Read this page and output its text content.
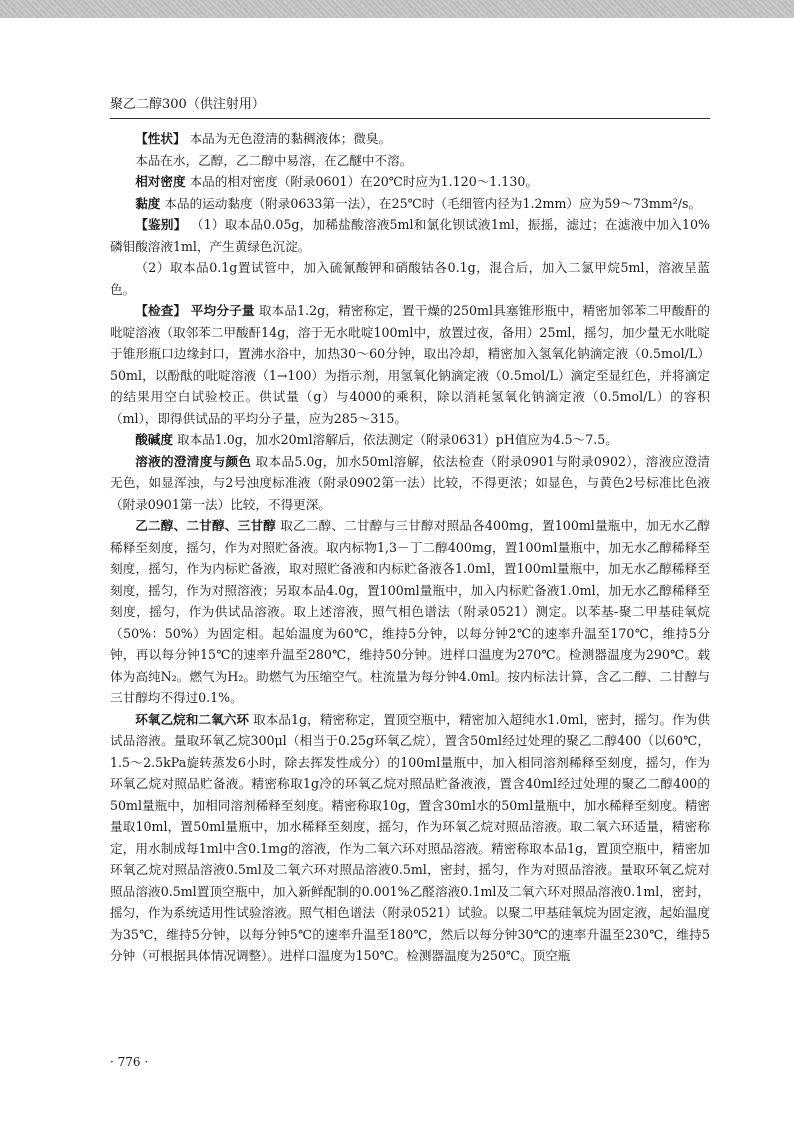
聚乙二醇300（供注射用）

【性状】 本品为无色澄清的黏稠液体；微臭。

本品在水，乙醇，乙二醇中易溶，在乙醚中不溶。

相对密度 本品的相对密度（附录0601）在20℃时应为1.120～1.130。

黏度 本品的运动黏度（附录0633第一法），在25℃时（毛细管内径为1.2mm）应为59～73mm²/s。

【鉴别】 （1）取本品0.05g，加稀盐酸溶液5ml和氯化钡试液1ml，振摇，滤过；在滤液中加入10%磷钼酸溶液1ml，产生黄绿色沉淀。

（2）取本品0.1g置试管中，加入硫氰酸钾和硝酸钴各0.1g，混合后，加入二氯甲烷5ml，溶液呈蓝色。

【检查】 平均分子量 取本品1.2g，精密称定，置干燥的250ml具塞锥形瓶中，精密加邻苯二甲酸酐的吡啶溶液（取邻苯二甲酸酐14g，溶于无水吡啶100ml中，放置过夜，备用）25ml，摇匀，加少量无水吡啶于锥形瓶口边缘封口，置沸水浴中，加热30～60分钟，取出冷却，精密加入氢氧化钠滴定液（0.5mol/L）50ml，以酚酞的吡啶溶液（1→100）为指示剂，用氢氧化钠滴定液（0.5mol/L）滴定至显红色，并将滴定的结果用空白试验校正。供试量（g）与4000的乘积，除以消耗氢氧化钠滴定液（0.5mol/L）的容积（ml），即得供试品的平均分子量，应为285～315。

酸碱度 取本品1.0g，加水20ml溶解后，依法测定（附录0631）pH值应为4.5～7.5。

溶液的澄清度与颜色 取本品5.0g，加水50ml溶解，依法检查（附录0901与附录0902），溶液应澄清无色，如显浑浊，与2号浊度标准液（附录0902第一法）比较，不得更浓；如显色，与黄色2号标准比色液（附录0901第一法）比较，不得更深。

乙二醇、二甘醇、三甘醇 取乙二醇、二甘醇与三甘醇对照品各400mg，置100ml量瓶中，加无水乙醇稀释至刻度，摇匀，作为对照贮备液。取内标物1,3－丁二醇400mg，置100ml量瓶中，加无水乙醇稀释至刻度，摇匀，作为内标贮备液，取对照贮备液和内标贮备液各1.0ml，置100ml量瓶中，加无水乙醇稀释至刻度，摇匀，作为对照溶液；另取本品4.0g，置100ml量瓶中，加入内标贮备液1.0ml，加无水乙醇稀释至刻度，摇匀，作为供试品溶液。取上述溶液，照气相色谱法（附录0521）测定。以苯基-聚二甲基硅氧烷（50%：50%）为固定相。起始温度为60℃，维持5分钟，以每分钟2℃的速率升温至170℃，维持5分钟，再以每分钟15℃的速率升温至280℃，维持50分钟。进样口温度为270℃。检测器温度为290℃。载体为高纯N₂。燃气为H₂。助燃气为压缩空气。柱流量为每分钟4.0ml。按内标法计算，含乙二醇、二甘醇与三甘醇均不得过0.1%。

环氧乙烷和二氧六环 取本品1g，精密称定，置顶空瓶中，精密加入超纯水1.0ml，密封，摇匀。作为供试品溶液。量取环氧乙烷300μl（相当于0.25g环氧乙烷），置含50ml经过处理的聚乙二醇400（以60℃，1.5～2.5kPa旋转蒸发6小时，除去挥发性成分）的100ml量瓶中，加入相同溶剂稀释至刻度，摇匀，作为环氧乙烷对照品贮备液。精密称取1g冷的环氧乙烷对照品贮备液液，置含40ml经过处理的聚乙二醇400的50ml量瓶中，加相同溶剂稀释至刻度。精密称取10g，置含30ml水的50ml量瓶中，加水稀释至刻度。精密量取10ml，置50ml量瓶中，加水稀释至刻度，摇匀，作为环氧乙烷对照品溶液。取二氧六环适量，精密称定，用水制成每1ml中含0.1mg的溶液，作为二氧六环对照品溶液。精密称取本品1g，置顶空瓶中，精密加环氧乙烷对照品溶液0.5ml及二氧六环对照品溶液0.5ml，密封，摇匀，作为对照品溶液。量取环氧乙烷对照品溶液0.5ml置顶空瓶中，加入新鲜配制的0.001%乙醛溶液0.1ml及二氧六环对照品溶液0.1ml，密封，摇匀，作为系统适用性试验溶液。照气相色谱法（附录0521）试验。以聚二甲基硅氧烷为固定液，起始温度为35℃，维持5分钟，以每分钟5℃的速率升温至180℃，然后以每分钟30℃的速率升温至230℃，维持5分钟（可根据具体情况调整）。进样口温度为150℃。检测器温度为250℃。顶空瓶

· 776 ·
